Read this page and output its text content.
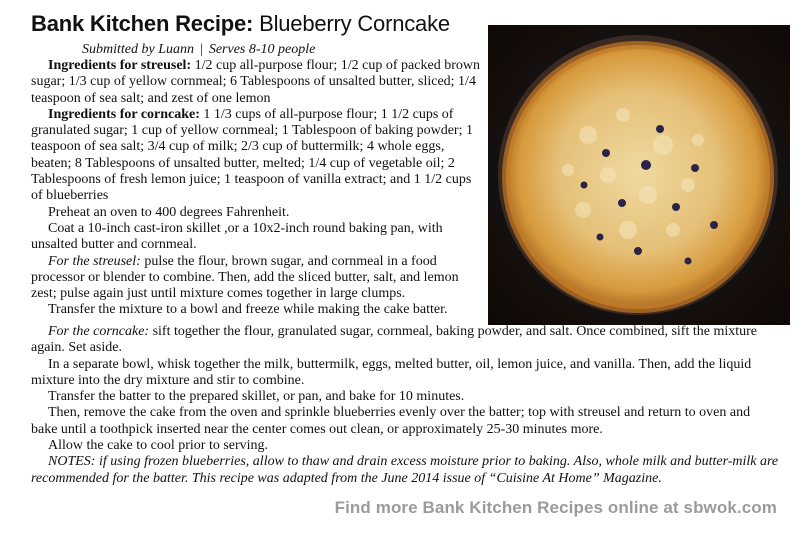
Bank Kitchen Recipe: Blueberry Corncake
Submitted by Luann | Serves 8-10 people

Ingredients for streusel: 1/2 cup all-purpose flour; 1/2 cup of packed brown sugar; 1/3 cup of yellow cornmeal; 6 Tablespoons of unsalted butter, sliced; 1/4 teaspoon of sea salt; and zest of one lemon

Ingredients for corncake: 1 1/3 cups of all-purpose flour; 1 1/2 cups of granulated sugar; 1 cup of yellow cornmeal; 1 Tablespoon of baking powder; 1 teaspoon of sea salt; 3/4 cup of milk; 2/3 cup of buttermilk; 4 whole eggs, beaten; 8 Tablespoons of unsalted butter, melted; 1/4 cup of vegetable oil; 2 Tablespoons of fresh lemon juice; 1 teaspoon of vanilla extract; and 1 1/2 cups of blueberries

Preheat an oven to 400 degrees Fahrenheit.

Coat a 10-inch cast-iron skillet ,or a 10x2-inch round baking pan, with unsalted butter and cornmeal.

For the streusel: pulse the flour, brown sugar, and cornmeal in a food processor or blender to combine. Then, add the sliced butter, salt, and lemon zest; pulse again just until mixture comes together in large clumps.

Transfer the mixture to a bowl and freeze while making the cake batter.

For the corncake: sift together the flour, granulated sugar, cornmeal, baking powder, and salt. Once combined, sift the mixture again. Set aside.

In a separate bowl, whisk together the milk, buttermilk, eggs, melted butter, oil, lemon juice, and vanilla. Then, add the liquid mixture into the dry mixture and stir to combine.

Transfer the batter to the prepared skillet, or pan, and bake for 10 minutes.

Then, remove the cake from the oven and sprinkle blueberries evenly over the batter; top with streusel and return to oven and bake until a toothpick inserted near the center comes out clean, or approximately 25-30 minutes more.

Allow the cake to cool prior to serving.

NOTES: if using frozen blueberries, allow to thaw and drain excess moisture prior to baking. Also, whole milk and butter-milk are recommended for the batter. This recipe was adapted from the June 2014 issue of “Cuisine At Home” Magazine.

Find more Bank Kitchen Recipes online at sbwok.com
